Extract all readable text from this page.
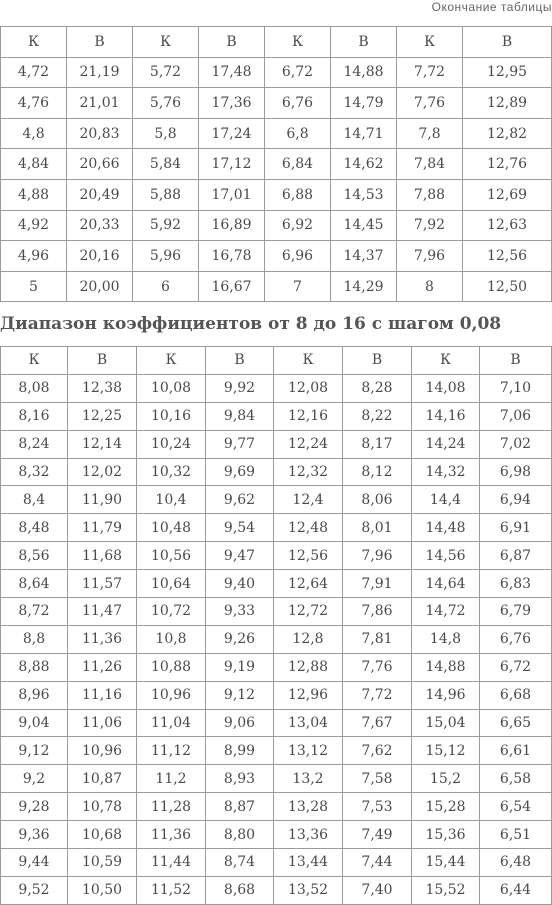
Окончание таблицы
К	В	К	В	К	В	К	В
4,72	21,19	5,72	17,48	6,72	14,88	7,72	12,95
4,76	21,01	5,76	17,36	6,76	14,79	7,76	12,89
4,8	20,83	5,8	17,24	6,8	14,71	7,8	12,82
4,84	20,66	5,84	17,12	6,84	14,62	7,84	12,76
4,88	20,49	5,88	17,01	6,88	14,53	7,88	12,69
4,92	20,33	5,92	16,89	6,92	14,45	7,92	12,63
4,96	20,16	5,96	16,78	6,96	14,37	7,96	12,56
5	20,00	6	16,67	7	14,29	8	12,50
Диапазон коэффициентов от 8 до 16 с шагом 0,08
К	В	К	В	К	В	К	В
8,08	12,38	10,08	9,92	12,08	8,28	14,08	7,10
8,16	12,25	10,16	9,84	12,16	8,22	14,16	7,06
8,24	12,14	10,24	9,77	12,24	8,17	14,24	7,02
8,32	12,02	10,32	9,69	12,32	8,12	14,32	6,98
8,4	11,90	10,4	9,62	12,4	8,06	14,4	6,94
8,48	11,79	10,48	9,54	12,48	8,01	14,48	6,91
8,56	11,68	10,56	9,47	12,56	7,96	14,56	6,87
8,64	11,57	10,64	9,40	12,64	7,91	14,64	6,83
8,72	11,47	10,72	9,33	12,72	7,86	14,72	6,79
8,8	11,36	10,8	9,26	12,8	7,81	14,8	6,76
8,88	11,26	10,88	9,19	12,88	7,76	14,88	6,72
8,96	11,16	10,96	9,12	12,96	7,72	14,96	6,68
9,04	11,06	11,04	9,06	13,04	7,67	15,04	6,65
9,12	10,96	11,12	8,99	13,12	7,62	15,12	6,61
9,2	10,87	11,2	8,93	13,2	7,58	15,2	6,58
9,28	10,78	11,28	8,87	13,28	7,53	15,28	6,54
9,36	10,68	11,36	8,80	13,36	7,49	15,36	6,51
9,44	10,59	11,44	8,74	13,44	7,44	15,44	6,48
9,52	10,50	11,52	8,68	13,52	7,40	15,52	6,44
